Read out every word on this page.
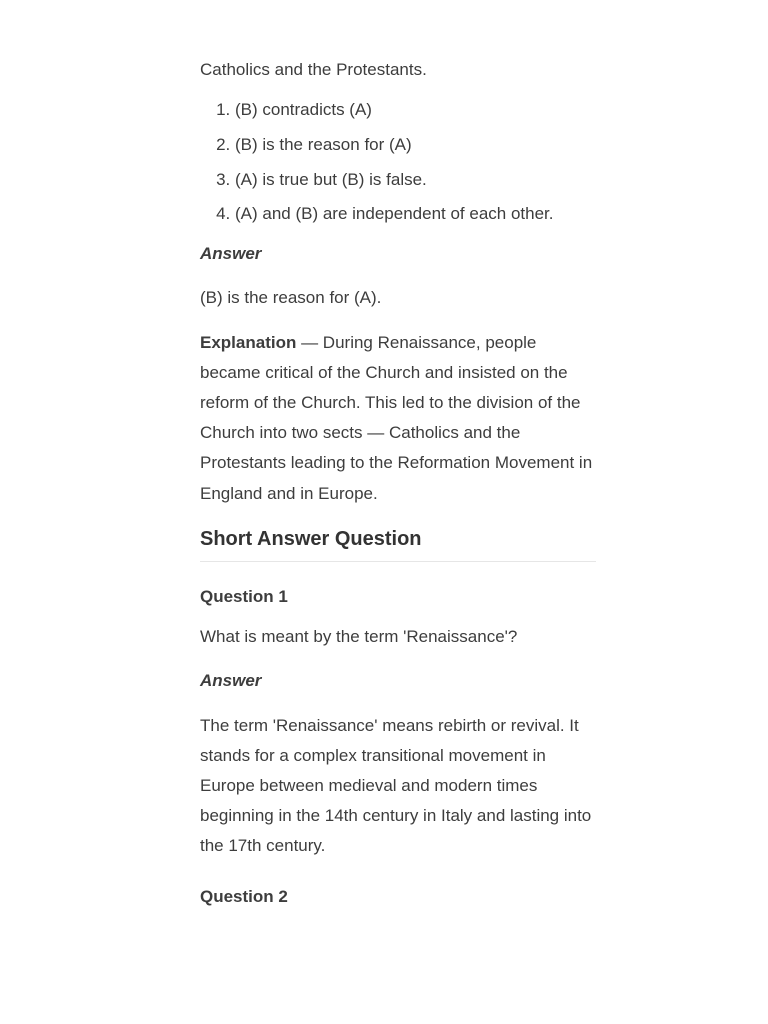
Catholics and the Protestants.

1. (B) contradicts (A)
2. (B) is the reason for (A)
3. (A) is true but (B) is false.
4. (A) and (B) are independent of each other.

Answer

(B) is the reason for (A).

Explanation — During Renaissance, people became critical of the Church and insisted on the reform of the Church. This led to the division of the Church into two sects — Catholics and the Protestants leading to the Reformation Movement in England and in Europe.

Short Answer Question

Question 1

What is meant by the term 'Renaissance'?

Answer

The term 'Renaissance' means rebirth or revival. It stands for a complex transitional movement in Europe between medieval and modern times beginning in the 14th century in Italy and lasting into the 17th century.

Question 2
